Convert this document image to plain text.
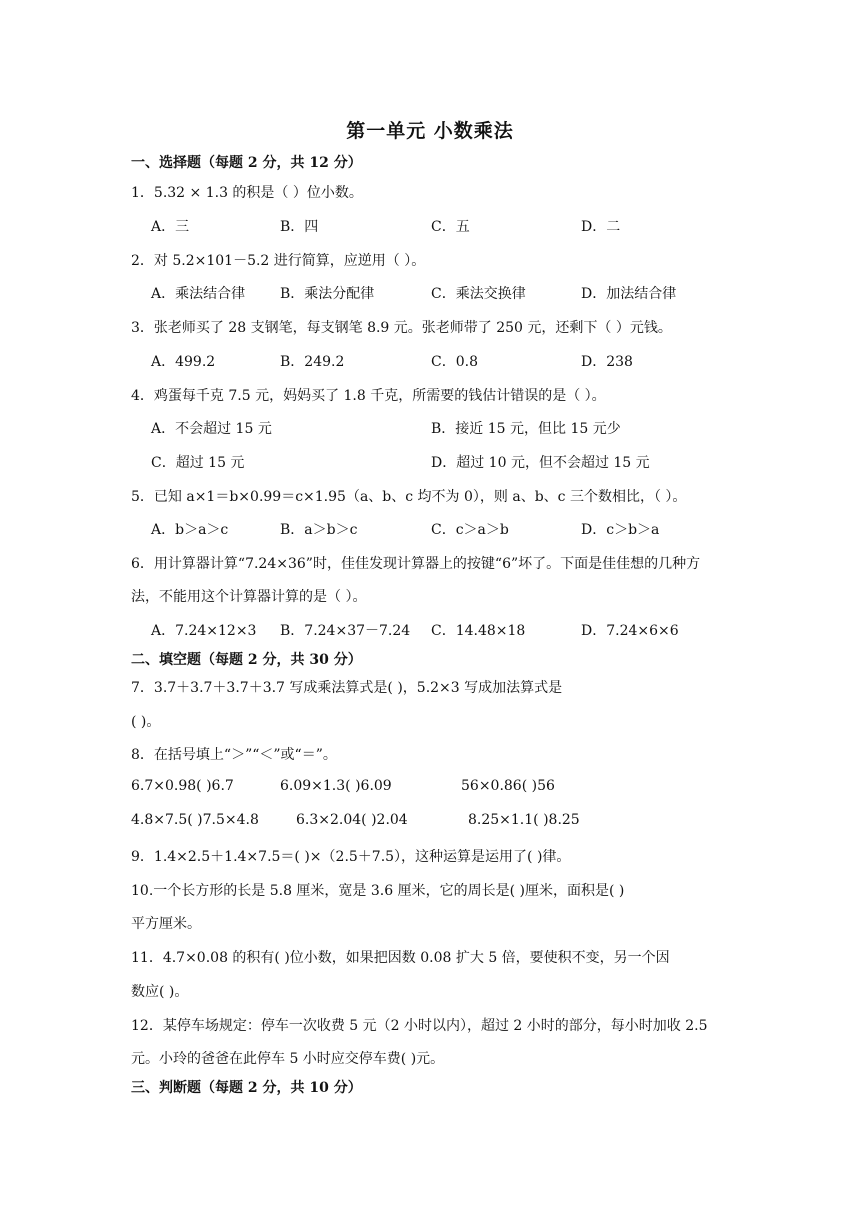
第一单元 小数乘法
一、选择题（每题 2 分，共 12 分）
1．5.32 × 1.3 的积是（ ）位小数。
A．三	B．四	C．五	D．二
2．对 5.2×101－5.2 进行简算，应逆用（ ）。
A．乘法结合律 B．乘法分配律	C．乘法交换律	D．加法结合律
3．张老师买了 28 支钢笔，每支钢笔 8.9 元。张老师带了 250 元，还剩下（ ）元钱。
A．499.2	B．249.2	C．0.8	D．238
4．鸡蛋每千克 7.5 元，妈妈买了 1.8 千克，所需要的钱估计错误的是（ ）。
A．不会超过 15 元	B．接近 15 元，但比 15 元少
C．超过 15 元	D．超过 10 元，但不会超过 15 元
5．已知 a×1＝b×0.99＝c×1.95（a、b、c 均不为 0），则 a、b、c 三个数相比，（ ）。
A．b＞a＞c	B．a＞b＞c	C．c＞a＞b	D．c＞b＞a
6．用计算器计算“7.24×36”时，佳佳发现计算器上的按键“6”坏了。下面是佳佳想的几种方
法，不能用这个计算器计算的是（ ）。
A．7.24×12×3 B．7.24×37－7.24 C．14.48×18	D．7.24×6×6
二、填空题（每题 2 分，共 30 分）
7．3.7＋3.7＋3.7＋3.7 写成乘法算式是( )，5.2×3 写成加法算式是
( )。
8．在括号填上“＞”“＜”或“＝”。
6.7×0.98( )6.7	6.09×1.3( )6.09	56×0.86( )56
4.8×7.5( )7.5×4.8	6.3×2.04( )2.04	8.25×1.1( )8.25
9．1.4×2.5＋1.4×7.5＝( )×（2.5＋7.5），这种运算是运用了( )律。
10.一个长方形的长是 5.8 厘米，宽是 3.6 厘米，它的周长是( )厘米，面积是( )
平方厘米。
11．4.7×0.08 的积有( )位小数，如果把因数 0.08 扩大 5 倍，要使积不变，另一个因
数应( )。
12．某停车场规定：停车一次收费 5 元（2 小时以内），超过 2 小时的部分，每小时加收 2.5
元。小玲的爸爸在此停车 5 小时应交停车费( )元。
三、判断题（每题 2 分，共 10 分）
